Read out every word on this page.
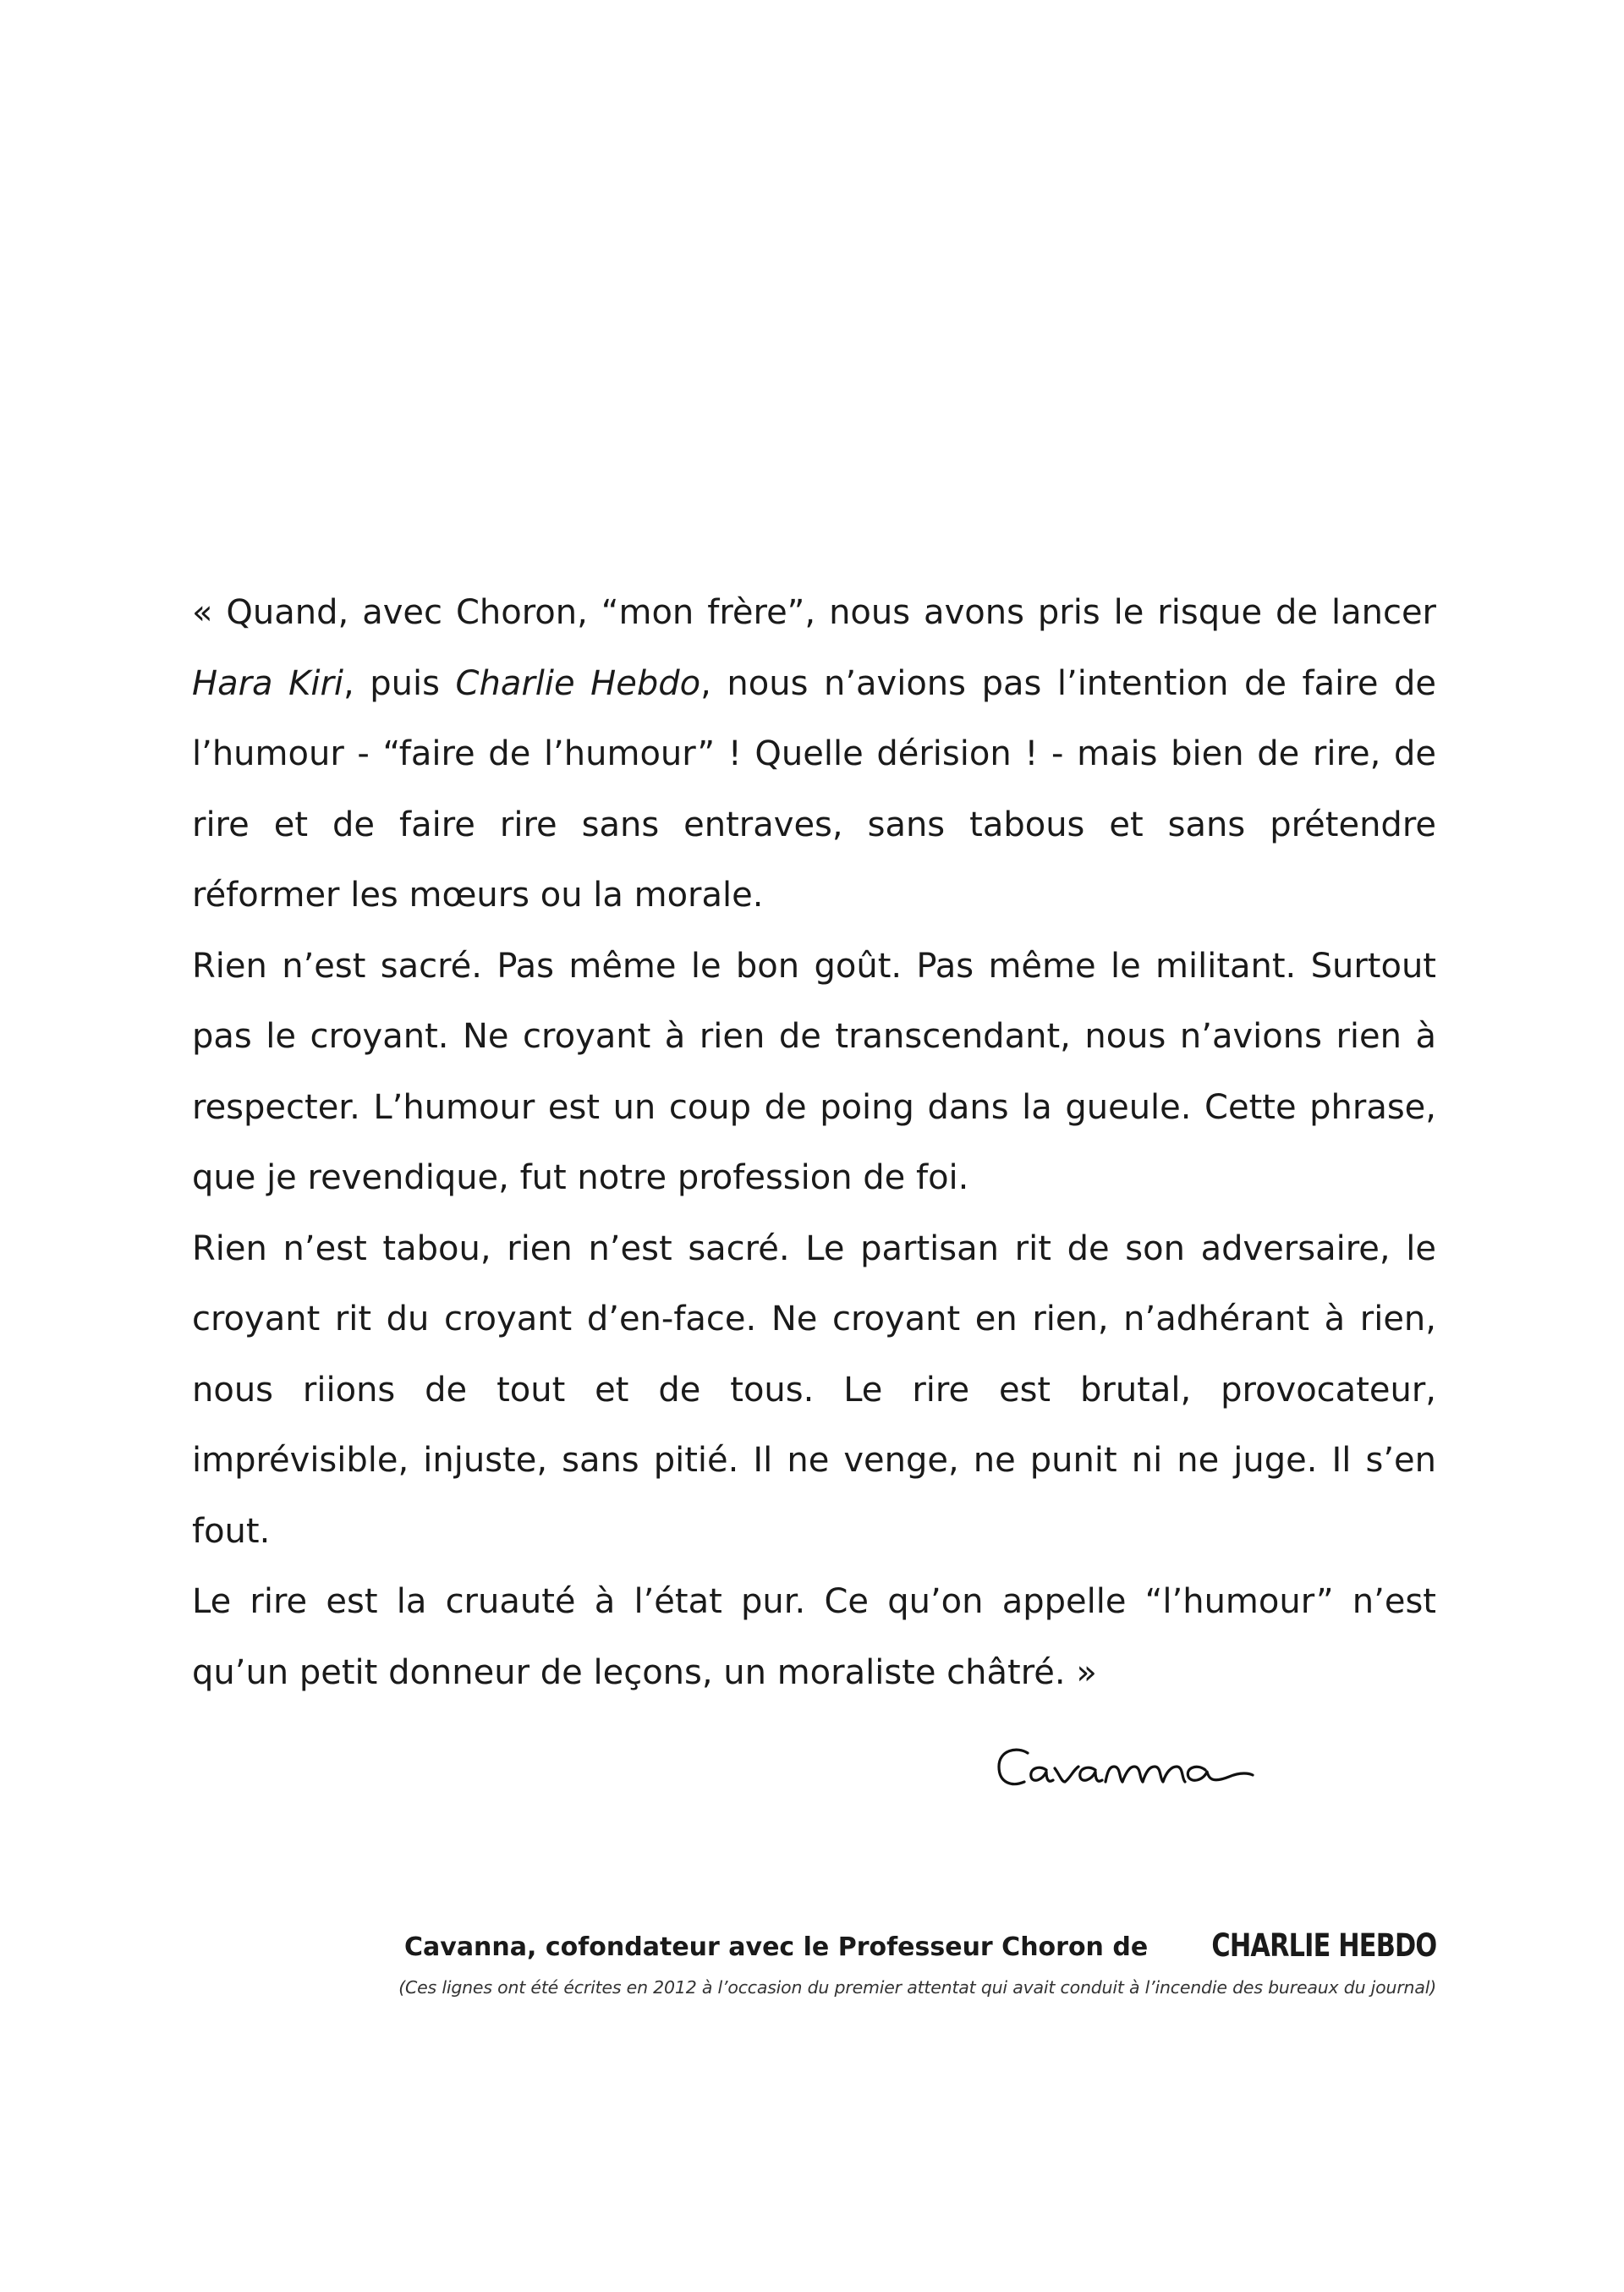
« Quand, avec Choron, “mon frère”, nous avons pris le risque de lancer Hara Kiri, puis Charlie Hebdo, nous n’avions pas l’intention de faire de l’humour - “faire de l’humour” ! Quelle dérision ! - mais bien de rire, de rire et de faire rire sans entraves, sans tabous et sans prétendre réformer les mœurs ou la morale.

Rien n’est sacré. Pas même le bon goût. Pas même le militant. Surtout pas le croyant. Ne croyant à rien de transcendant, nous n’avions rien à respecter. L’humour est un coup de poing dans la gueule. Cette phrase, que je revendique, fut notre profession de foi.

Rien n’est tabou, rien n’est sacré. Le partisan rit de son adversaire, le croyant rit du croyant d’en-face. Ne croyant en rien, n’adhérant à rien, nous riions de tout et de tous. Le rire est brutal, provocateur, imprévisible, injuste, sans pitié. Il ne venge, ne punit ni ne juge. Il s’en fout.

Le rire est la cruauté à l’état pur. Ce qu’on appelle “l’humour” n’est qu’un petit donneur de leçons, un moraliste châtré. »

Cavanna, cofondateur avec le Professeur Choron de CHARLIE HEBDO
(Ces lignes ont été écrites en 2012 à l’occasion du premier attentat qui avait conduit à l’incendie des bureaux du journal)
